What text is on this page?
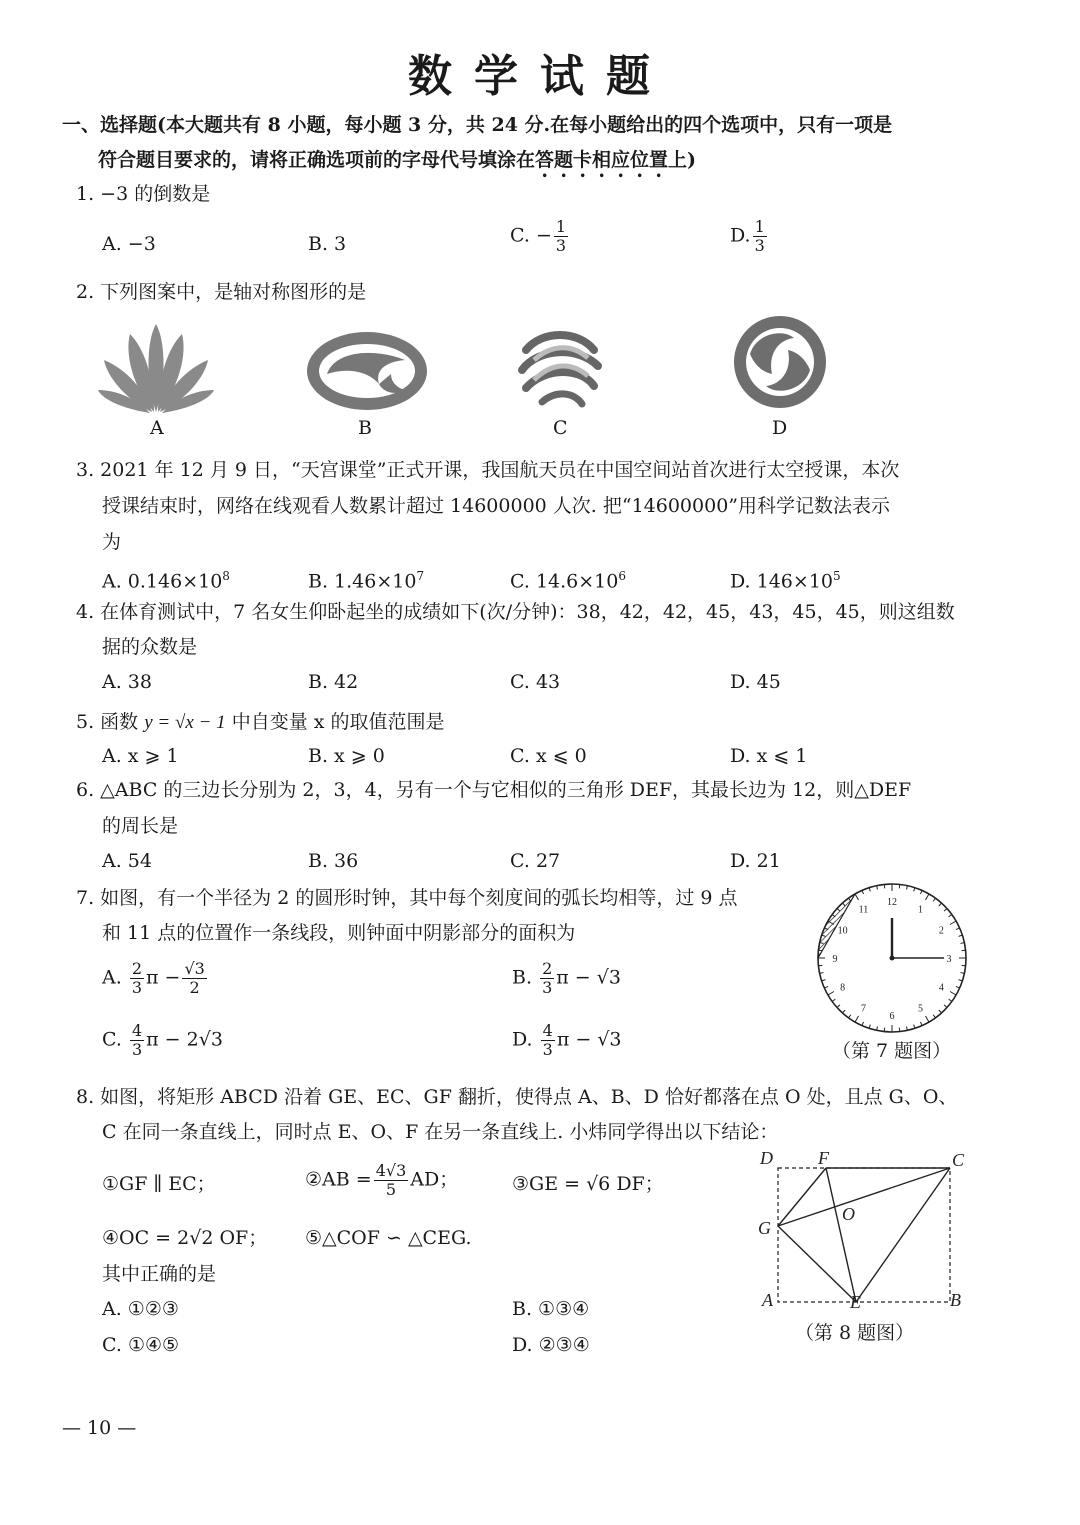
数学试题
一、选择题(本大题共有 8 小题，每小题 3 分，共 24 分.在每小题给出的四个选项中，只有一项是
符合题目要求的，请将正确选项前的字母代号填涂在答题卡相应位置上)
1. −3 的倒数是
A. −3	B. 3	C. − $\frac{1}{3}$	D. $\frac{1}{3}$
2. 下列图案中，是轴对称图形的是
A	B	C	D
3. 2021 年 12 月 9 日，“天宫课堂”正式开课，我国航天员在中国空间站首次进行太空授课，本次
授课结束时，网络在线观看人数累计超过 14600000 人次. 把“14600000”用科学记数法表示
为
A. $0.146\times 10^8$	B. $1.46\times 10^7$	C. $14.6\times 10^6$	D. $146\times 10^5$
4. 在体育测试中，7 名女生仰卧起坐的成绩如下(次/分钟)：38，42，42，45，43，45，45，则这组数
据的众数是
A. 38	B. 42	C. 43	D. 45
5. 函数 y = √x − 1 中自变量 x 的取值范围是
A. x ⩾ 1	B. x ⩾ 0	C. x ⩽ 0	D. x ⩽ 1
6. △ABC 的三边长分别为 2，3，4，另有一个与它相似的三角形 DEF，其最长边为 12，则△DEF
的周长是
A. 54	B. 36	C. 27	D. 21
7. 如图，有一个半径为 2 的圆形时钟，其中每个刻度间的弧长均相等，过 9 点
和 11 点的位置作一条线段，则钟面中阴影部分的面积为
A. $\frac{2}{3}$ $\pi - \frac{√3}{2}$	B. $\frac{2}{3}$ π − √3
C. $\frac{4}{3}$ π − 2√3	D. $\frac{4}{3}$ π − √3
12
1
2
3
4
5
6
7
8
9
10
11
（第 7 题图）
8. 如图，将矩形 ABCD 沿着 GE、EC、GF 翻折，使得点 A、B、D 恰好都落在点 O 处，且点 G、O、
C 在同一条直线上，同时点 E、O、F 在另一条直线上. 小炜同学得出以下结论：
①GF ∥ EC；	②AB = $\frac{4√3}{5}$ AD；	③GE = √6 DF；
④OC = 2√2 OF； ⑤△COF ∽ △CEG.
其中正确的是
A. ①②③	B. ①③④
C. ①④⑤	D. ②③④
D	F	C
G
O
A	E	B
（第 8 题图）
— 10 —
